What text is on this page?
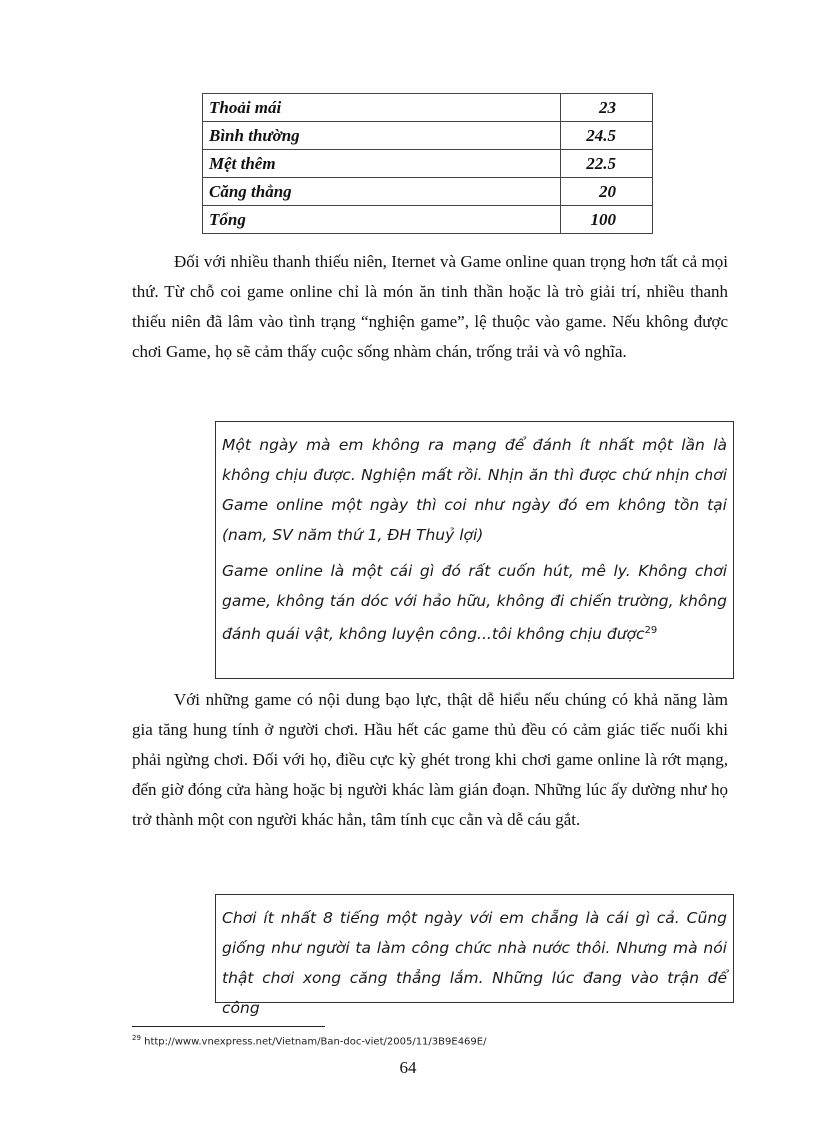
Thoải mái	23
Bình thường	24.5
Mệt thêm	22.5
Căng thẳng	20
Tổng	100

Đối với nhiều thanh thiếu niên, Iternet và Game online quan trọng hơn tất cả mọi thứ. Từ chỗ coi game online chỉ là món ăn tinh thần hoặc là trò giải trí, nhiều thanh thiếu niên đã lâm vào tình trạng “nghiện game”, lệ thuộc vào game. Nếu không được chơi Game, họ sẽ cảm thấy cuộc sống nhàm chán, trống trải và vô nghĩa.

Một ngày mà em không ra mạng để đánh ít nhất một lần là không chịu được. Nghiện mất rồi. Nhịn ăn thì được chứ nhịn chơi Game online một ngày thì coi như ngày đó em không tồn tại (nam, SV năm thứ 1, ĐH Thuỷ lợi)

Game online là một cái gì đó rất cuốn hút, mê ly. Không chơi game, không tán dóc với hảo hữu, không đi chiến trường, không đánh quái vật, không luyện công...tôi không chịu được$^{29}$

Với những game có nội dung bạo lực, thật dễ hiểu nếu chúng có khả năng làm gia tăng hung tính ở người chơi. Hầu hết các game thủ đều có cảm giác tiếc nuối khi phải ngừng chơi. Đối với họ, điều cực kỳ ghét trong khi chơi game online là rớt mạng, đến giờ đóng cửa hàng hoặc bị người khác làm gián đoạn. Những lúc ấy dường như họ trở thành một con người khác hẳn, tâm tính cục cằn và dễ cáu gắt.

Chơi ít nhất 8 tiếng một ngày với em chẵng là cái gì cả. Cũng giống như người ta làm công chức nhà nước thôi. Nhưng mà nói thật chơi xong căng thẳng lắm. Những lúc đang vào trận để công

$^{29}$ http://www.vnexpress.net/Vietnam/Ban-doc-viet/2005/11/3B9E469E/
64
